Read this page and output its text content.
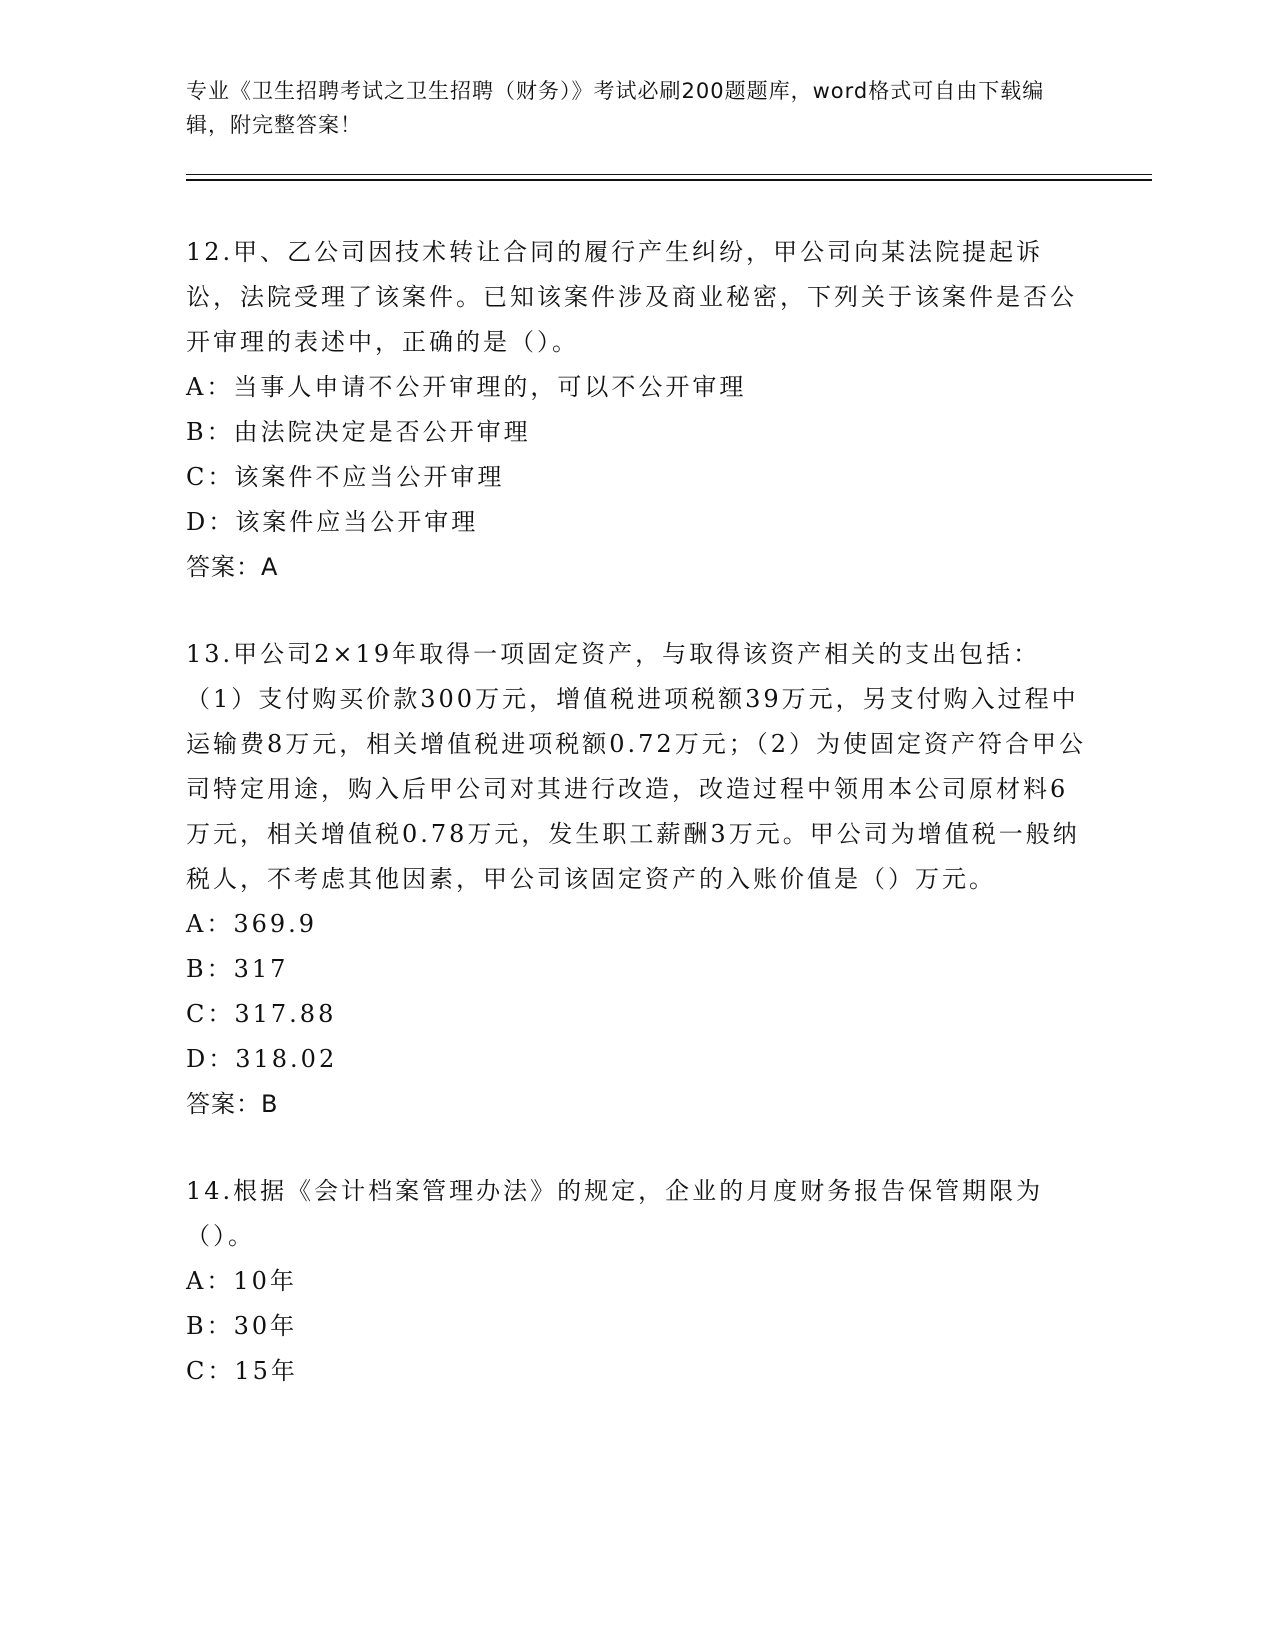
专业《卫生招聘考试之卫生招聘（财务）》考试必刷200题题库，word格式可自由下载编辑，附完整答案！

12.甲、乙公司因技术转让合同的履行产生纠纷，甲公司向某法院提起诉讼，法院受理了该案件。已知该案件涉及商业秘密，下列关于该案件是否公开审理的表述中，正确的是（）。

A：当事人申请不公开审理的，可以不公开审理

B：由法院决定是否公开审理

C：该案件不应当公开审理

D：该案件应当公开审理

答案：A

13.甲公司2×19年取得一项固定资产，与取得该资产相关的支出包括：（1）支付购买价款300万元，增值税进项税额39万元，另支付购入过程中运输费8万元，相关增值税进项税额0.72万元；（2）为使固定资产符合甲公司特定用途，购入后甲公司对其进行改造，改造过程中领用本公司原材料6万元，相关增值税0.78万元，发生职工薪酬3万元。甲公司为增值税一般纳税人，不考虑其他因素，甲公司该固定资产的入账价值是（）万元。

A：369.9

B：317

C：317.88

D：318.02

答案：B

14.根据《会计档案管理办法》的规定，企业的月度财务报告保管期限为（）。

A：10年

B：30年

C：15年
